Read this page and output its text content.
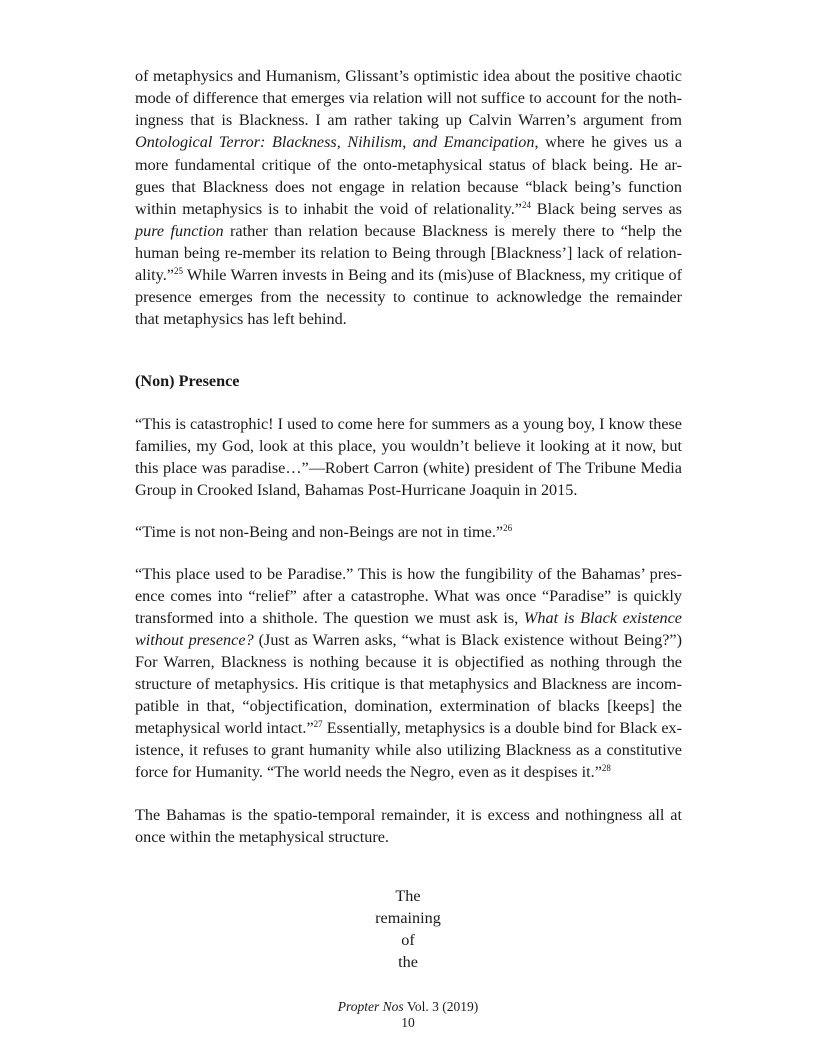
of metaphysics and Humanism, Glissant’s optimistic idea about the positive chaotic
mode of difference that emerges via relation will not suffice to account for the noth-
ingness that is Blackness. I am rather taking up Calvin Warren’s argument from
Ontological Terror: Blackness, Nihilism, and Emancipation, where he gives us a
more fundamental critique of the onto-metaphysical status of black being. He ar-
gues that Blackness does not engage in relation because “black being’s function
within metaphysics is to inhabit the void of relationality.”$^{24}$ Black being serves as
pure function rather than relation because Blackness is merely there to “help the
human being re-member its relation to Being through [Blackness’] lack of relation-
ality.”$^{25}$ While Warren invests in Being and its (mis)use of Blackness, my critique of
presence emerges from the necessity to continue to acknowledge the remainder
that metaphysics has left behind.
(Non) Presence
“This is catastrophic! I used to come here for summers as a young boy, I know these
families, my God, look at this place, you wouldn’t believe it looking at it now, but
this place was paradise…”—Robert Carron (white) president of The Tribune Media
Group in Crooked Island, Bahamas Post-Hurricane Joaquin in 2015.
“Time is not non-Being and non-Beings are not in time.”$^{26}$
“This place used to be Paradise.” This is how the fungibility of the Bahamas’ pres-
ence comes into “relief” after a catastrophe. What was once “Paradise” is quickly
transformed into a shithole. The question we must ask is, What is Black existence
without presence? (Just as Warren asks, “what is Black existence without Being?”)
For Warren, Blackness is nothing because it is objectified as nothing through the
structure of metaphysics. His critique is that metaphysics and Blackness are incom-
patible in that, “objectification, domination, extermination of blacks [keeps] the
metaphysical world intact.”$^{27}$ Essentially, metaphysics is a double bind for Black ex-
istence, it refuses to grant humanity while also utilizing Blackness as a constitutive
force for Humanity. “The world needs the Negro, even as it despises it.”$^{28}$
The Bahamas is the spatio-temporal remainder, it is excess and nothingness all at
once within the metaphysical structure.
The
remaining
of
the
Propter Nos Vol. 3 (2019)
10
